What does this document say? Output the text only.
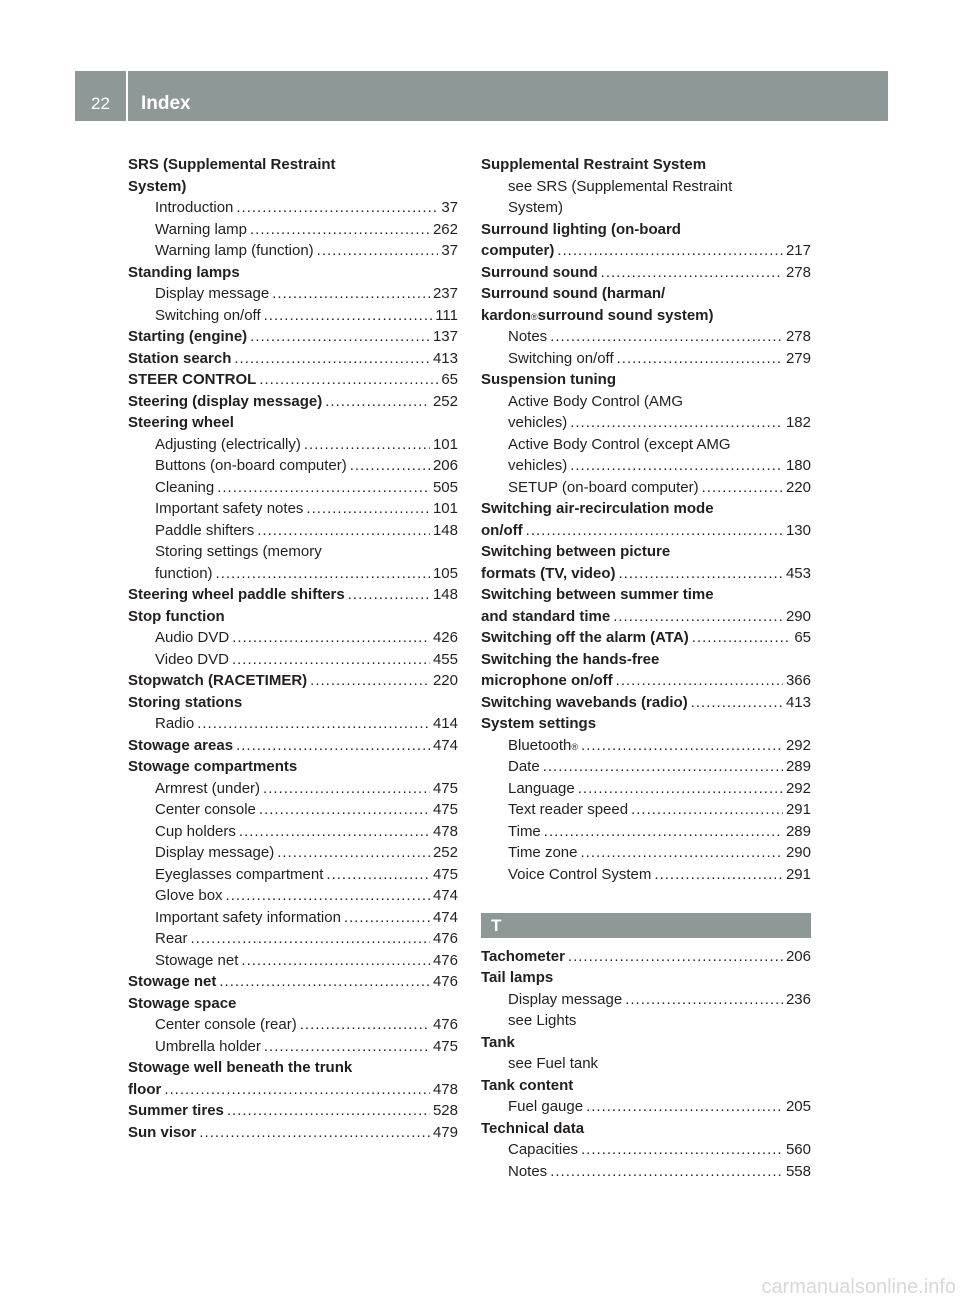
22	Index
SRS (Supplemental Restraint
System)
Introduction .....	37
Warning lamp .....	262
Warning lamp (function) .....	37
Standing lamps
Display message .....	237
Switching on/off .....	111
Starting (engine) .....	137
Station search .....	413
STEER CONTROL .....	65
Steering (display message) .....	252
Steering wheel
Adjusting (electrically) .....	101
Buttons (on-board computer) .....	206
Cleaning .....	505
Important safety notes .....	101
Paddle shifters .....	148
Storing settings (memory
function) .....	105
Steering wheel paddle shifters .....	148
Stop function
Audio DVD .....	426
Video DVD .....	455
Stopwatch (RACETIMER) .....	220
Storing stations
Radio .....	414
Stowage areas .....	474
Stowage compartments
Armrest (under) .....	475
Center console .....	475
Cup holders .....	478
Display message) .....	252
Eyeglasses compartment .....	475
Glove box .....	474
Important safety information .....	474
Rear .....	476
Stowage net .....	476
Stowage net .....	476
Stowage space
Center console (rear) .....	476
Umbrella holder .....	475
Stowage well beneath the trunk
floor .....	478
Summer tires .....	528
Sun visor .....	479
Supplemental Restraint System
see SRS (Supplemental Restraint
System)
Surround lighting (on-board
computer) .....	217
Surround sound .....	278
Surround sound (harman/
kardon ® surround sound system)
Notes .....	278
Switching on/off .....	279
Suspension tuning
Active Body Control (AMG
vehicles) .....	182
Active Body Control (except AMG
vehicles) .....	180
SETUP (on-board computer) .....	220
Switching air-recirculation mode
on/off .....	130
Switching between picture
formats (TV, video) .....	453
Switching between summer time
and standard time .....	290
Switching off the alarm (ATA) .....	65
Switching the hands-free
microphone on/off .....	366
Switching wavebands (radio) .....	413
System settings
Bluetooth ® .....	292
Date .....	289
Language .....	292
Text reader speed .....	291
Time .....	289
Time zone .....	290
Voice Control System .....	291
T
Tachometer .....	206
Tail lamps
Display message .....	236
see Lights
Tank
see Fuel tank
Tank content
Fuel gauge .....	205
Technical data
Capacities .....	560
Notes .....	558
carmanualsonline.info
